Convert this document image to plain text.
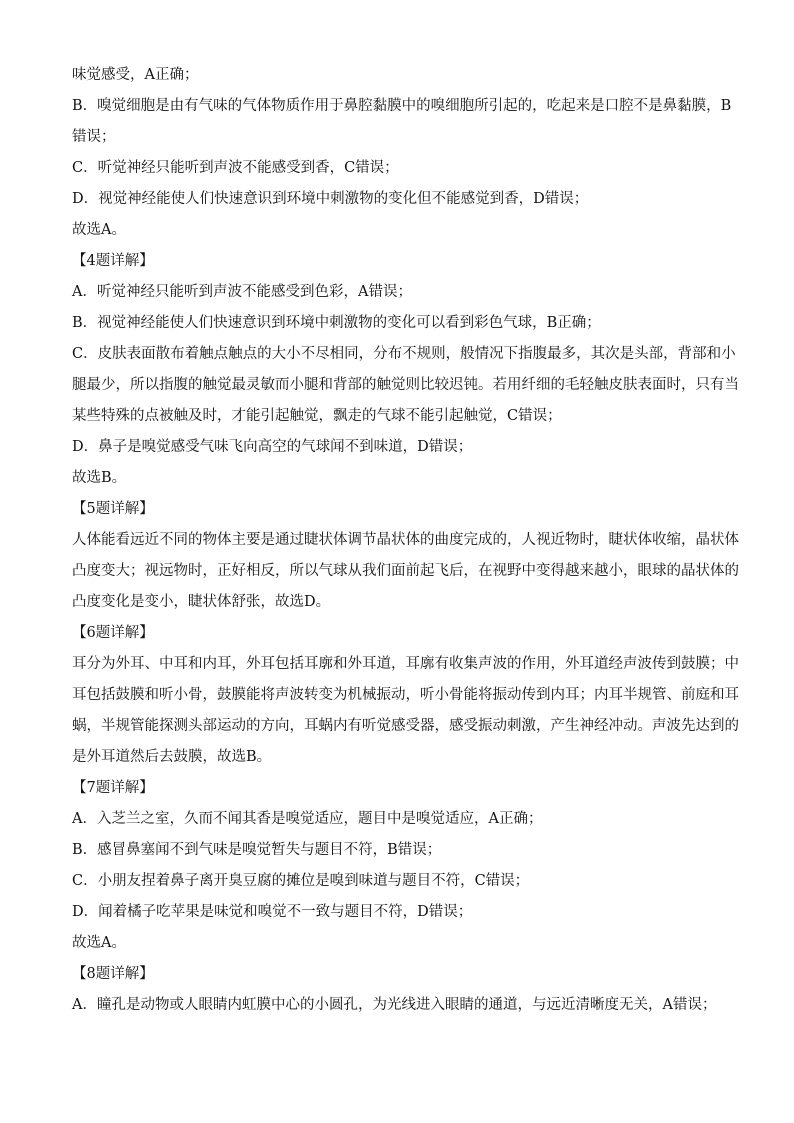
味觉感受，A正确；
B．嗅觉细胞是由有气味的气体物质作用于鼻腔黏膜中的嗅细胞所引起的，吃起来是口腔不是鼻黏膜，B
错误；
C．听觉神经只能听到声波不能感受到香，C错误；
D．视觉神经能使人们快速意识到环境中刺激物的变化但不能感觉到香，D错误；
故选A。
【4题详解】
A．听觉神经只能听到声波不能感受到色彩，A错误；
B．视觉神经能使人们快速意识到环境中刺激物的变化可以看到彩色气球，B正确；
C．皮肤表面散布着触点触点的大小不尽相同，分布不规则，般情况下指腹最多，其次是头部，背部和小
腿最少，所以指腹的触觉最灵敏而小腿和背部的触觉则比较迟钝。若用纤细的毛轻触皮肤表面时，只有当
某些特殊的点被触及时，才能引起触觉，飘走的气球不能引起触觉，C错误；
D．鼻子是嗅觉感受气味飞向高空的气球闻不到味道，D错误；
故选B。
【5题详解】
人体能看远近不同的物体主要是通过睫状体调节晶状体的曲度完成的，人视近物时，睫状体收缩，晶状体
凸度变大；视远物时，正好相反，所以气球从我们面前起飞后，在视野中变得越来越小，眼球的晶状体的
凸度变化是变小，睫状体舒张，故选D。
【6题详解】
耳分为外耳、中耳和内耳，外耳包括耳廓和外耳道，耳廓有收集声波的作用，外耳道经声波传到鼓膜；中
耳包括鼓膜和听小骨，鼓膜能将声波转变为机械振动，听小骨能将振动传到内耳；内耳半规管、前庭和耳
蜗，半规管能探测头部运动的方向，耳蜗内有听觉感受器，感受振动刺激，产生神经冲动。声波先达到的
是外耳道然后去鼓膜，故选B。
【7题详解】
A．入芝兰之室，久而不闻其香是嗅觉适应，题目中是嗅觉适应，A正确；
B．感冒鼻塞闻不到气味是嗅觉暂失与题目不符，B错误；
C．小朋友捏着鼻子离开臭豆腐的摊位是嗅到味道与题目不符，C错误；
D．闻着橘子吃苹果是味觉和嗅觉不一致与题目不符，D错误；
故选A。
【8题详解】
A．瞳孔是动物或人眼睛内虹膜中心的小圆孔，为光线进入眼睛的通道，与远近清晰度无关，A错误；
